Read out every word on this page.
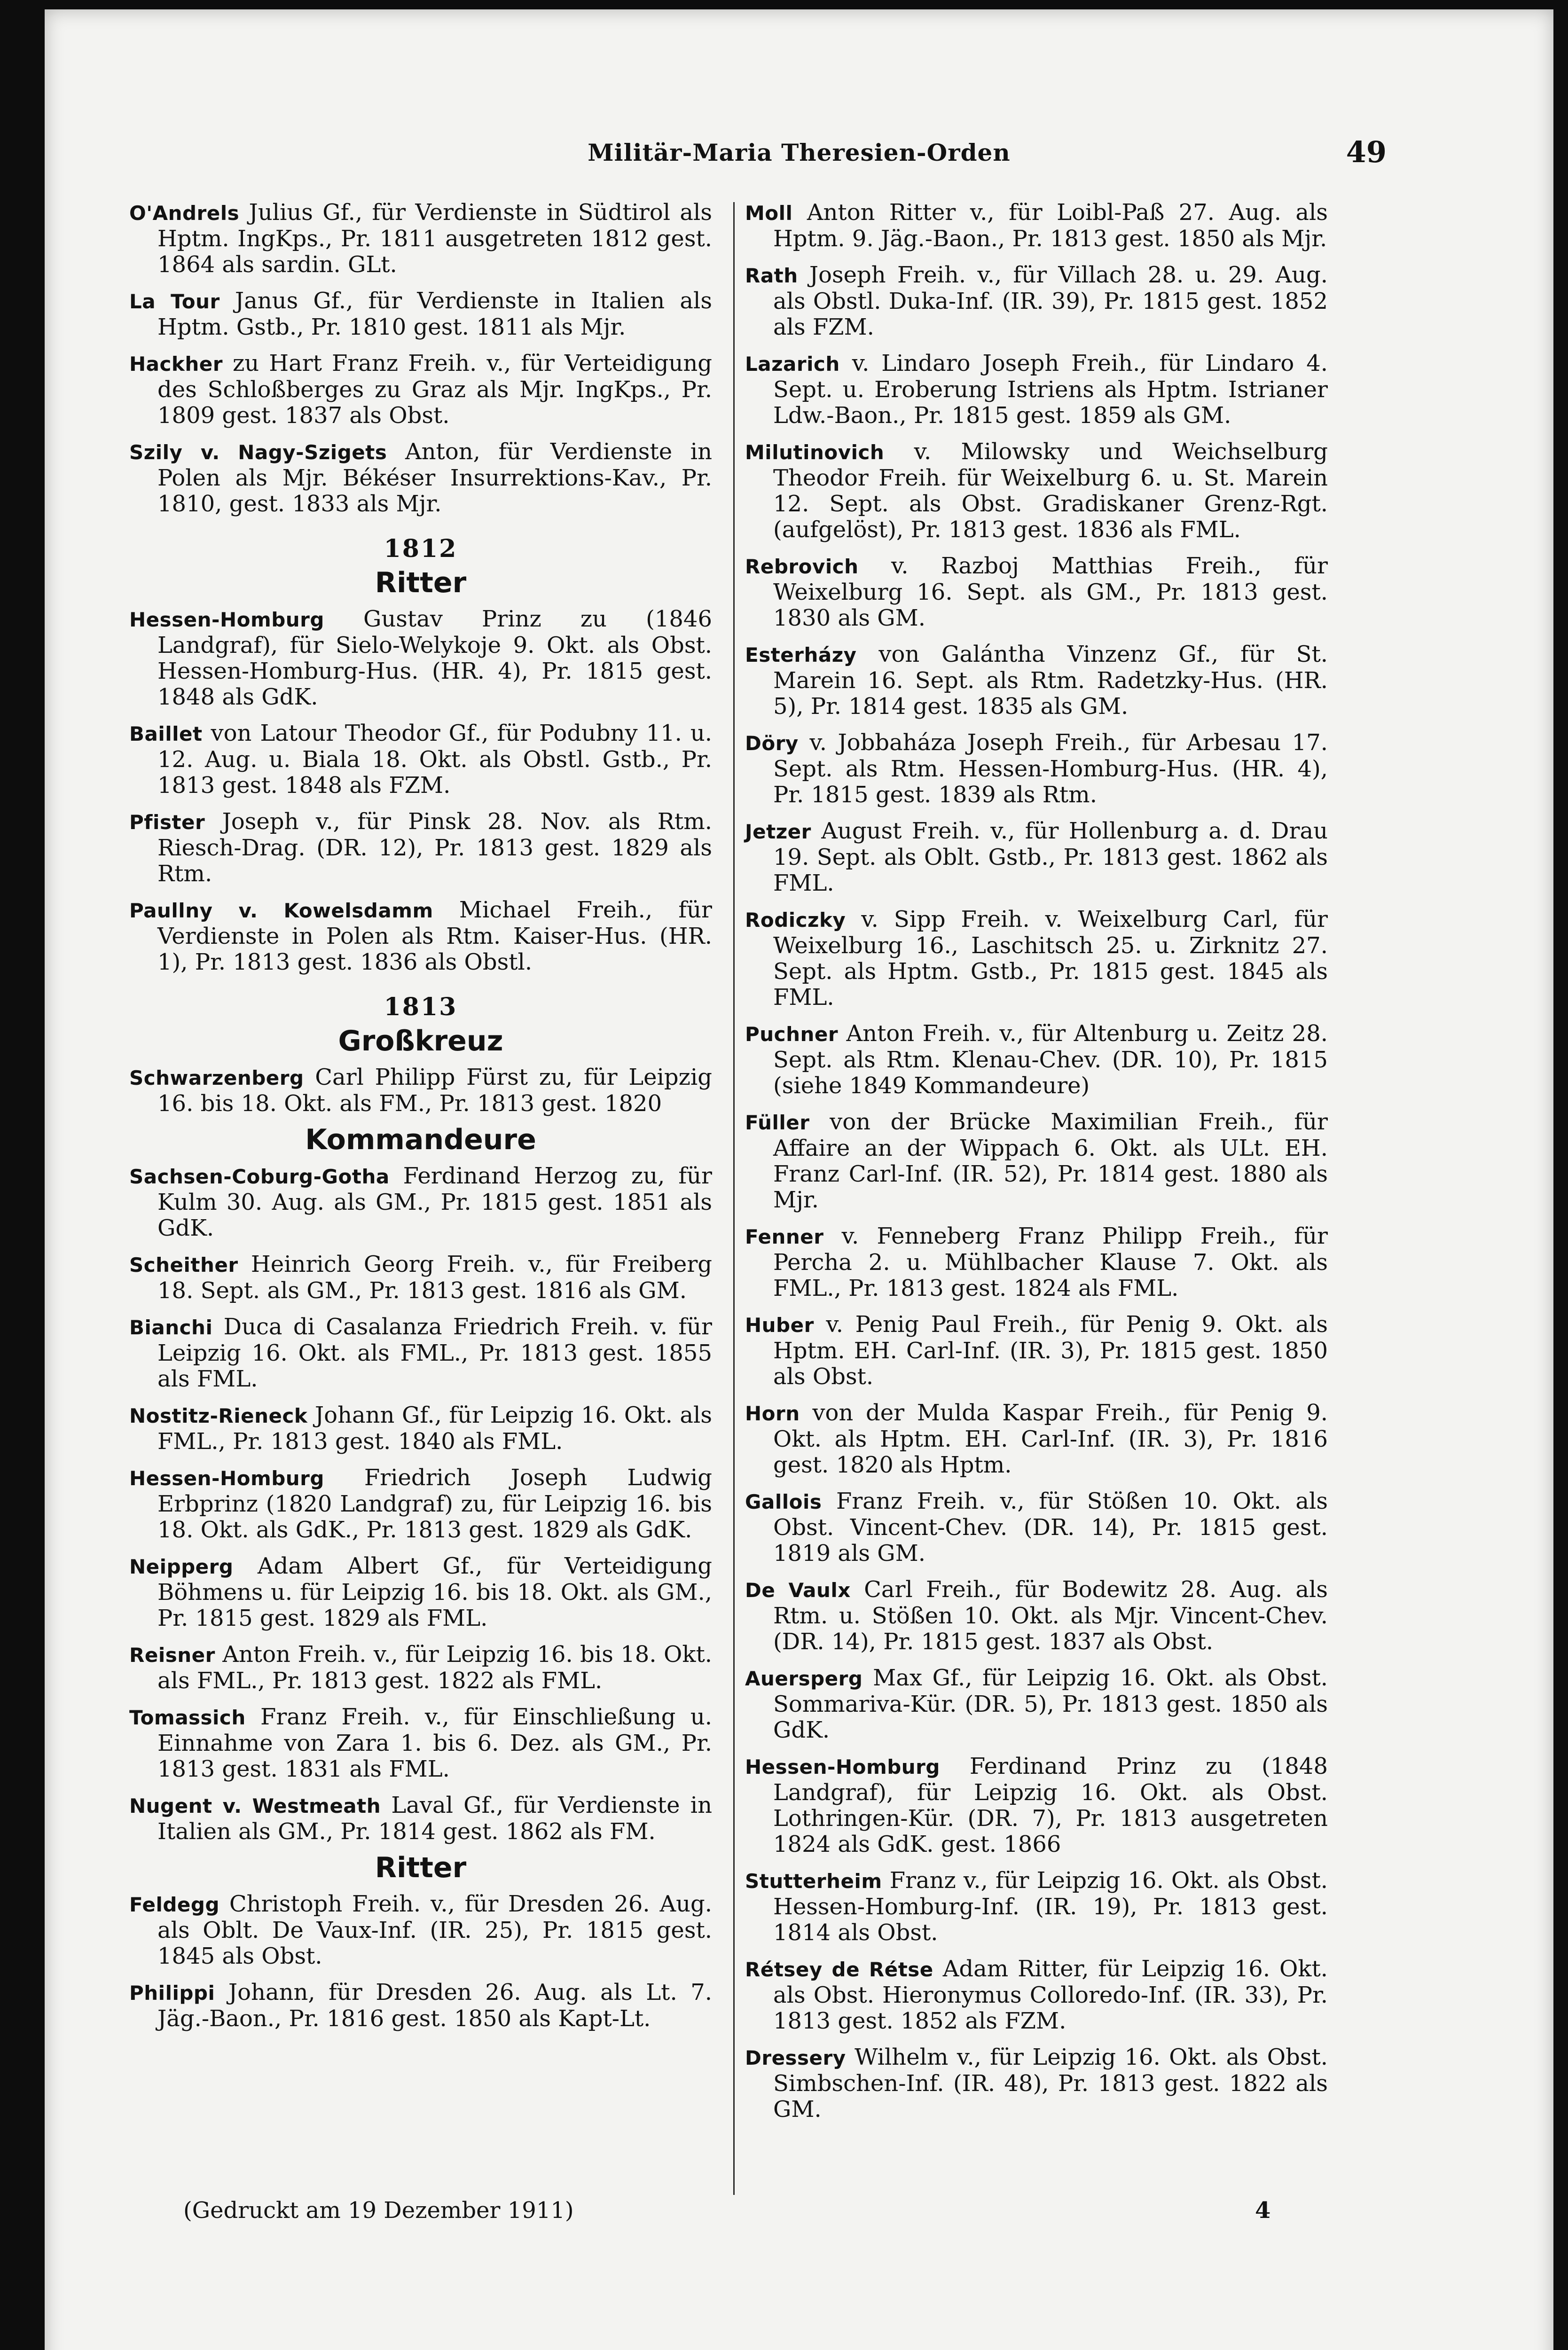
Militär-Maria Theresien-Orden	49
O'Andrels Julius Gf., für Verdienste in Südtirol als Hptm. IngKps., Pr. 1811 ausgetreten 1812 gest. 1864 als sardin. GLt.
La Tour Janus Gf., für Verdienste in Italien als Hptm. Gstb., Pr. 1810 gest. 1811 als Mjr.
Hackher zu Hart Franz Freih. v., für Verteidigung des Schloßberges zu Graz als Mjr. IngKps., Pr. 1809 gest. 1837 als Obst.
Szily v. Nagy-Szigets Anton, für Verdienste in Polen als Mjr. Békéser Insurrektions-Kav., Pr. 1810, gest. 1833 als Mjr.
1812
Ritter
Hessen-Homburg Gustav Prinz zu (1846 Landgraf), für Sielo-Welykoje 9. Okt. als Obst. Hessen-Homburg-Hus. (HR. 4), Pr. 1815 gest. 1848 als GdK.
Baillet von Latour Theodor Gf., für Podubny 11. u. 12. Aug. u. Biala 18. Okt. als Obstl. Gstb., Pr. 1813 gest. 1848 als FZM.
Pfister Joseph v., für Pinsk 28. Nov. als Rtm. Riesch-Drag. (DR. 12), Pr. 1813 gest. 1829 als Rtm.
Paullny v. Kowelsdamm Michael Freih., für Verdienste in Polen als Rtm. Kaiser-Hus. (HR. 1), Pr. 1813 gest. 1836 als Obstl.
1813
Großkreuz
Schwarzenberg Carl Philipp Fürst zu, für Leipzig 16. bis 18. Okt. als FM., Pr. 1813 gest. 1820
Kommandeure
Sachsen-Coburg-Gotha Ferdinand Herzog zu, für Kulm 30. Aug. als GM., Pr. 1815 gest. 1851 als GdK.
Scheither Heinrich Georg Freih. v., für Freiberg 18. Sept. als GM., Pr. 1813 gest. 1816 als GM.
Bianchi Duca di Casalanza Friedrich Freih. v. für Leipzig 16. Okt. als FML., Pr. 1813 gest. 1855 als FML.
Nostitz-Rieneck Johann Gf., für Leipzig 16. Okt. als FML., Pr. 1813 gest. 1840 als FML.
Hessen-Homburg Friedrich Joseph Ludwig Erbprinz (1820 Landgraf) zu, für Leipzig 16. bis 18. Okt. als GdK., Pr. 1813 gest. 1829 als GdK.
Neipperg Adam Albert Gf., für Verteidigung Böhmens u. für Leipzig 16. bis 18. Okt. als GM., Pr. 1815 gest. 1829 als FML.
Reisner Anton Freih. v., für Leipzig 16. bis 18. Okt. als FML., Pr. 1813 gest. 1822 als FML.
Tomassich Franz Freih. v., für Einschließung u. Einnahme von Zara 1. bis 6. Dez. als GM., Pr. 1813 gest. 1831 als FML.
Nugent v. Westmeath Laval Gf., für Verdienste in Italien als GM., Pr. 1814 gest. 1862 als FM.
Ritter
Feldegg Christoph Freih. v., für Dresden 26. Aug. als Oblt. De Vaux-Inf. (IR. 25), Pr. 1815 gest. 1845 als Obst.
Philippi Johann, für Dresden 26. Aug. als Lt. 7. Jäg.-Baon., Pr. 1816 gest. 1850 als Kapt-Lt.
Moll Anton Ritter v., für Loibl-Paß 27. Aug. als Hptm. 9. Jäg.-Baon., Pr. 1813 gest. 1850 als Mjr.
Rath Joseph Freih. v., für Villach 28. u. 29. Aug. als Obstl. Duka-Inf. (IR. 39), Pr. 1815 gest. 1852 als FZM.
Lazarich v. Lindaro Joseph Freih., für Lindaro 4. Sept. u. Eroberung Istriens als Hptm. Istrianer Ldw.-Baon., Pr. 1815 gest. 1859 als GM.
Milutinovich v. Milowsky und Weichselburg Theodor Freih. für Weixelburg 6. u. St. Marein 12. Sept. als Obst. Gradiskaner Grenz-Rgt. (aufgelöst), Pr. 1813 gest. 1836 als FML.
Rebrovich v. Razboj Matthias Freih., für Weixelburg 16. Sept. als GM., Pr. 1813 gest. 1830 als GM.
Esterházy von Galántha Vinzenz Gf., für St. Marein 16. Sept. als Rtm. Radetzky-Hus. (HR. 5), Pr. 1814 gest. 1835 als GM.
Döry v. Jobbaháza Joseph Freih., für Arbesau 17. Sept. als Rtm. Hessen-Homburg-Hus. (HR. 4), Pr. 1815 gest. 1839 als Rtm.
Jetzer August Freih. v., für Hollenburg a. d. Drau 19. Sept. als Oblt. Gstb., Pr. 1813 gest. 1862 als FML.
Rodiczky v. Sipp Freih. v. Weixelburg Carl, für Weixelburg 16., Laschitsch 25. u. Zirknitz 27. Sept. als Hptm. Gstb., Pr. 1815 gest. 1845 als FML.
Puchner Anton Freih. v., für Altenburg u. Zeitz 28. Sept. als Rtm. Klenau-Chev. (DR. 10), Pr. 1815 (siehe 1849 Kommandeure)
Füller von der Brücke Maximilian Freih., für Affaire an der Wippach 6. Okt. als ULt. EH. Franz Carl-Inf. (IR. 52), Pr. 1814 gest. 1880 als Mjr.
Fenner v. Fenneberg Franz Philipp Freih., für Percha 2. u. Mühlbacher Klause 7. Okt. als FML., Pr. 1813 gest. 1824 als FML.
Huber v. Penig Paul Freih., für Penig 9. Okt. als Hptm. EH. Carl-Inf. (IR. 3), Pr. 1815 gest. 1850 als Obst.
Horn von der Mulda Kaspar Freih., für Penig 9. Okt. als Hptm. EH. Carl-Inf. (IR. 3), Pr. 1816 gest. 1820 als Hptm.
Gallois Franz Freih. v., für Stößen 10. Okt. als Obst. Vincent-Chev. (DR. 14), Pr. 1815 gest. 1819 als GM.
De Vaulx Carl Freih., für Bodewitz 28. Aug. als Rtm. u. Stößen 10. Okt. als Mjr. Vincent-Chev. (DR. 14), Pr. 1815 gest. 1837 als Obst.
Auersperg Max Gf., für Leipzig 16. Okt. als Obst. Sommariva-Kür. (DR. 5), Pr. 1813 gest. 1850 als GdK.
Hessen-Homburg Ferdinand Prinz zu (1848 Landgraf), für Leipzig 16. Okt. als Obst. Lothringen-Kür. (DR. 7), Pr. 1813 ausgetreten 1824 als GdK. gest. 1866
Stutterheim Franz v., für Leipzig 16. Okt. als Obst. Hessen-Homburg-Inf. (IR. 19), Pr. 1813 gest. 1814 als Obst.
Rétsey de Rétse Adam Ritter, für Leipzig 16. Okt. als Obst. Hieronymus Colloredo-Inf. (IR. 33), Pr. 1813 gest. 1852 als FZM.
Dressery Wilhelm v., für Leipzig 16. Okt. als Obst. Simbschen-Inf. (IR. 48), Pr. 1813 gest. 1822 als GM.
(Gedruckt am 19 Dezember 1911)	4
